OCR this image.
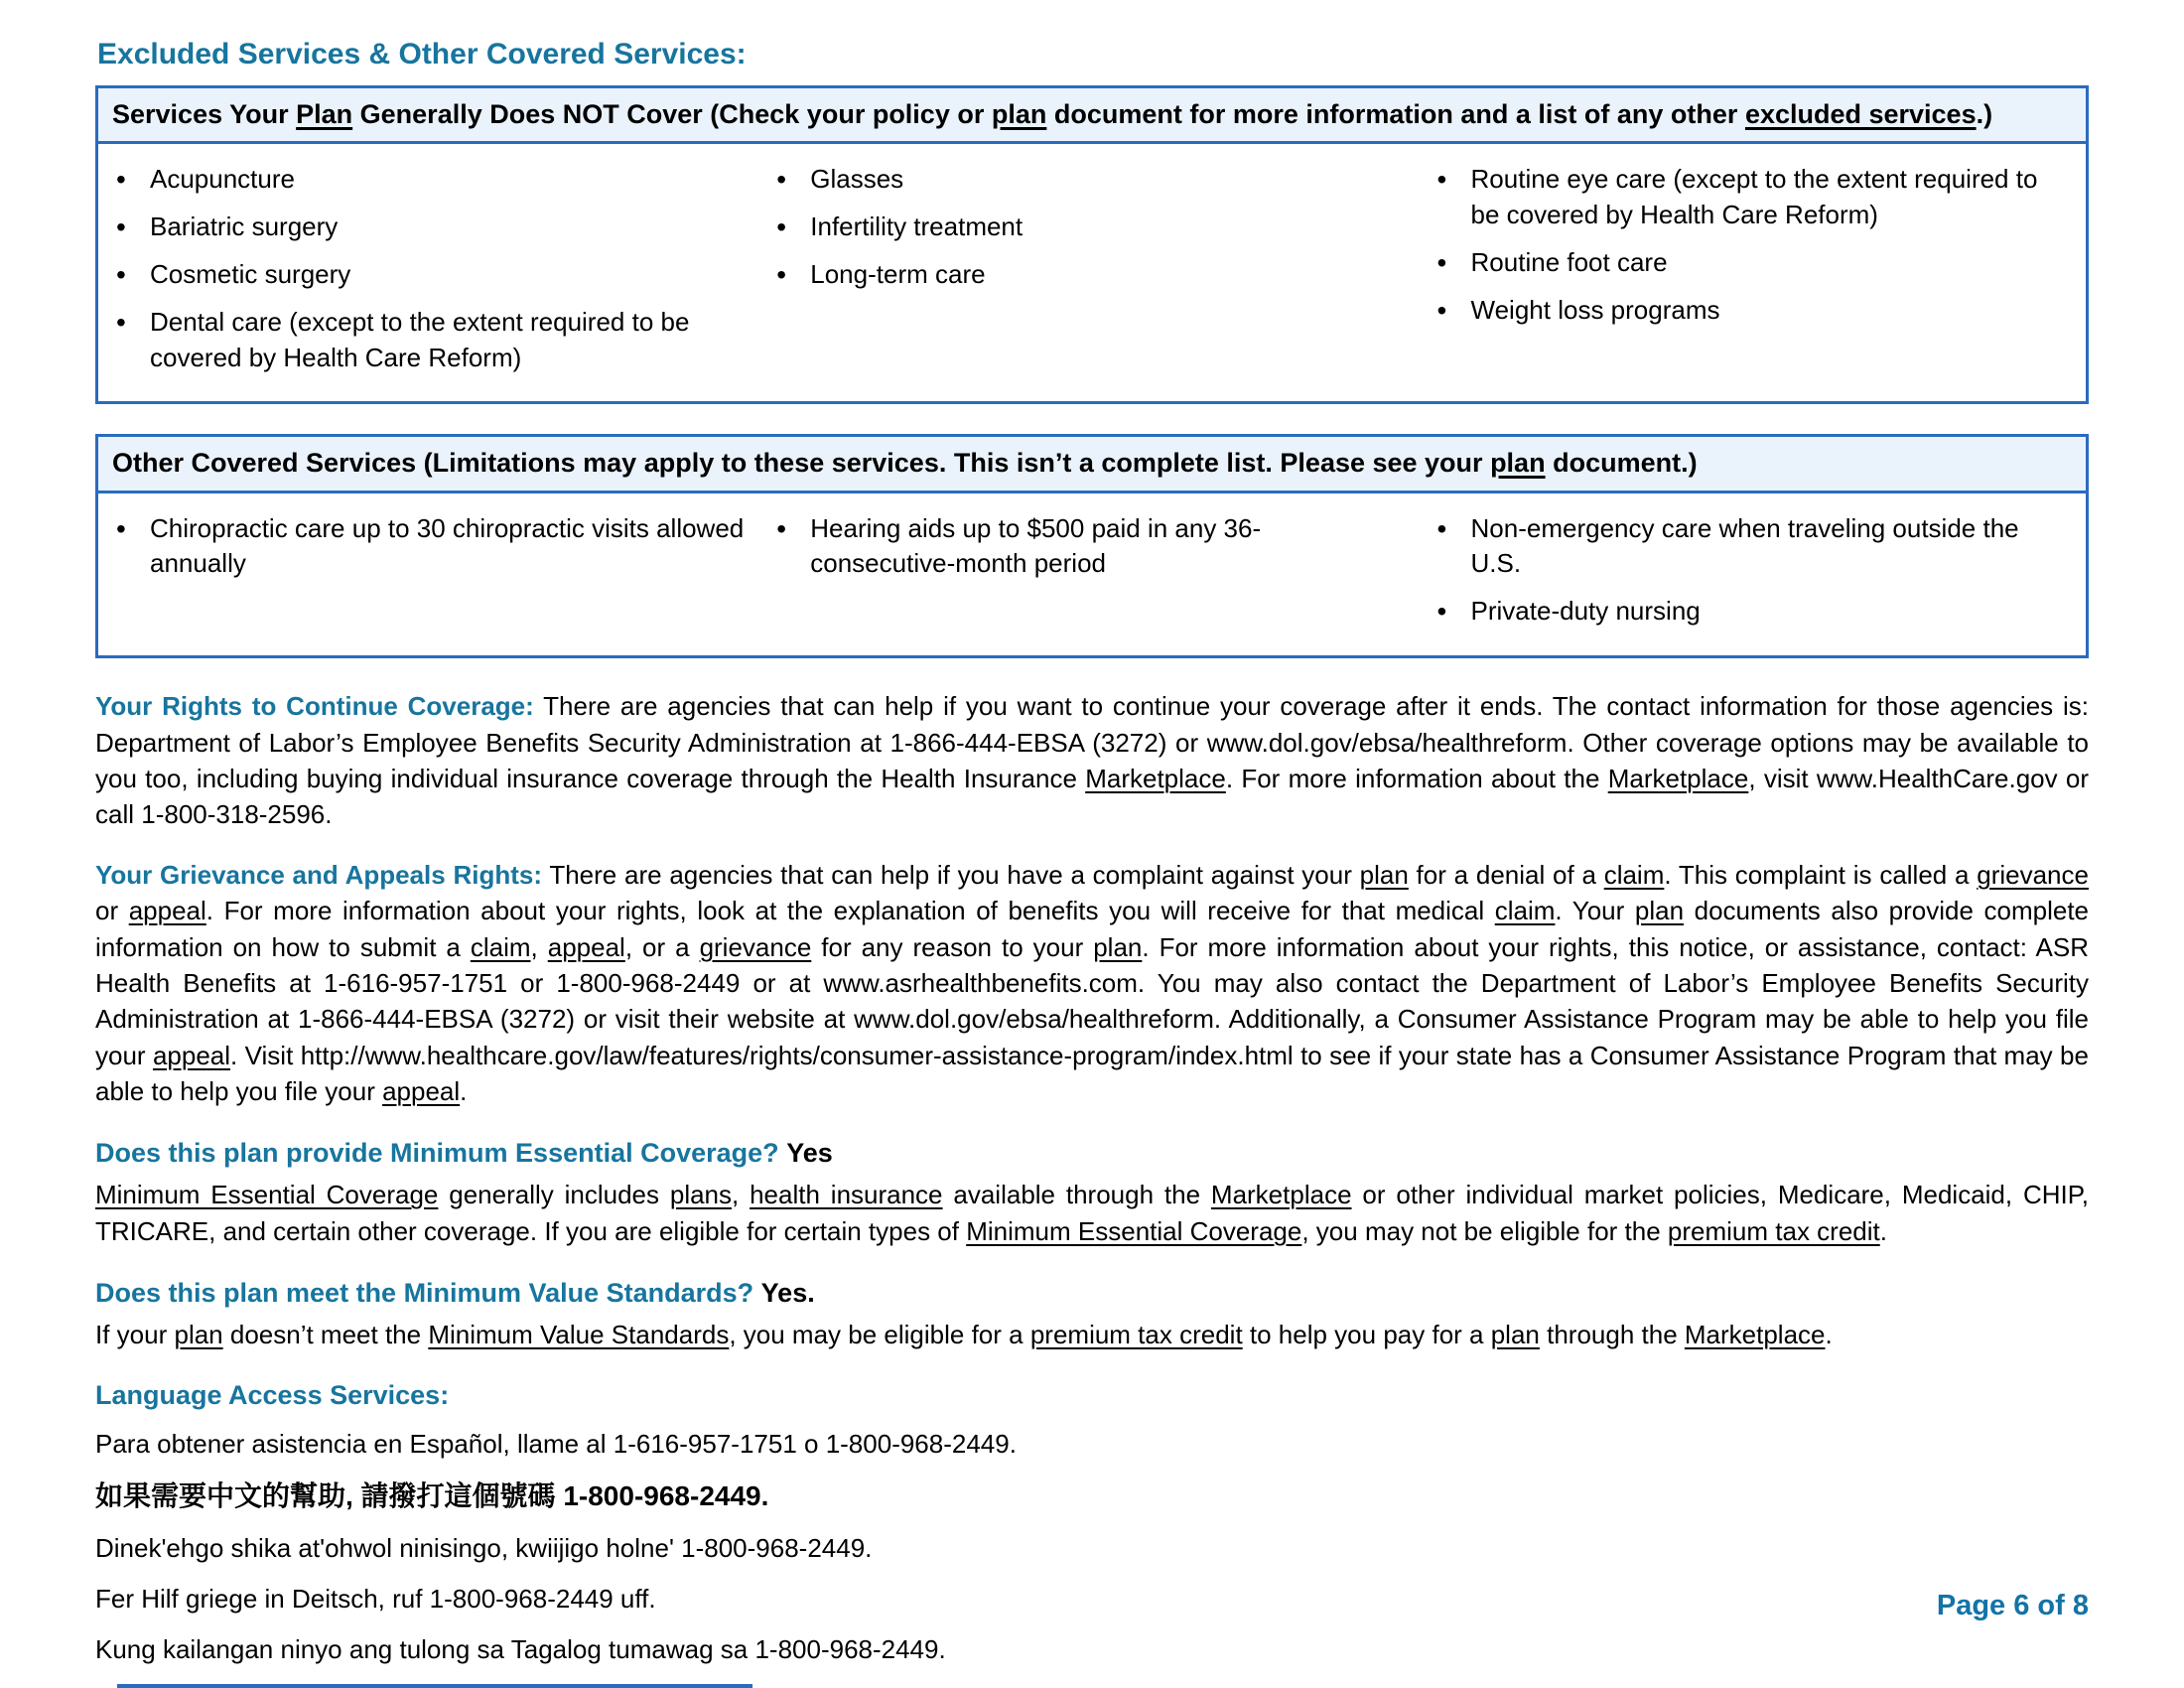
Excluded Services & Other Covered Services:
Services Your Plan Generally Does NOT Cover (Check your policy or plan document for more information and a list of any other excluded services.)
• Acupuncture
• Bariatric surgery
• Cosmetic surgery
• Dental care (except to the extent required to be covered by Health Care Reform)
• Glasses
• Infertility treatment
• Long-term care
• Routine eye care (except to the extent required to be covered by Health Care Reform)
• Routine foot care
• Weight loss programs
Other Covered Services (Limitations may apply to these services. This isn’t a complete list. Please see your plan document.)
• Chiropractic care up to 30 chiropractic visits allowed annually
• Hearing aids up to $500 paid in any 36-consecutive-month period
• Non-emergency care when traveling outside the U.S.
• Private-duty nursing

Your Rights to Continue Coverage: There are agencies that can help if you want to continue your coverage after it ends. The contact information for those agencies is: Department of Labor’s Employee Benefits Security Administration at 1-866-444-EBSA (3272) or www.dol.gov/ebsa/healthreform. Other coverage options may be available to you too, including buying individual insurance coverage through the Health Insurance Marketplace. For more information about the Marketplace, visit www.HealthCare.gov or call 1-800-318-2596.

Your Grievance and Appeals Rights: There are agencies that can help if you have a complaint against your plan for a denial of a claim. This complaint is called a grievance or appeal. For more information about your rights, look at the explanation of benefits you will receive for that medical claim. Your plan documents also provide complete information on how to submit a claim, appeal, or a grievance for any reason to your plan. For more information about your rights, this notice, or assistance, contact: ASR Health Benefits at 1-616-957-1751 or 1-800-968-2449 or at www.asrhealthbenefits.com. You may also contact the Department of Labor’s Employee Benefits Security Administration at 1-866-444-EBSA (3272) or visit their website at www.dol.gov/ebsa/healthreform. Additionally, a Consumer Assistance Program may be able to help you file your appeal. Visit http://www.healthcare.gov/law/features/rights/consumer-assistance-program/index.html to see if your state has a Consumer Assistance Program that may be able to help you file your appeal.

Does this plan provide Minimum Essential Coverage? Yes

Minimum Essential Coverage generally includes plans, health insurance available through the Marketplace or other individual market policies, Medicare, Medicaid, CHIP, TRICARE, and certain other coverage. If you are eligible for certain types of Minimum Essential Coverage, you may not be eligible for the premium tax credit.

Does this plan meet the Minimum Value Standards? Yes.

If your plan doesn’t meet the Minimum Value Standards, you may be eligible for a premium tax credit to help you pay for a plan through the Marketplace.

Language Access Services:

Para obtener asistencia en Español, llame al 1-616-957-1751 o 1-800-968-2449.

如果需要中文的幫助, 請撥打這個號碼 1-800-968-2449.

Dinek'ehgo shika at'ohwol ninisingo, kwiijigo holne' 1-800-968-2449.

Fer Hilf griege in Deitsch, ruf 1-800-968-2449 uff.

Kung kailangan ninyo ang tulong sa Tagalog tumawag sa 1-800-968-2449.

Page 6 of 8
